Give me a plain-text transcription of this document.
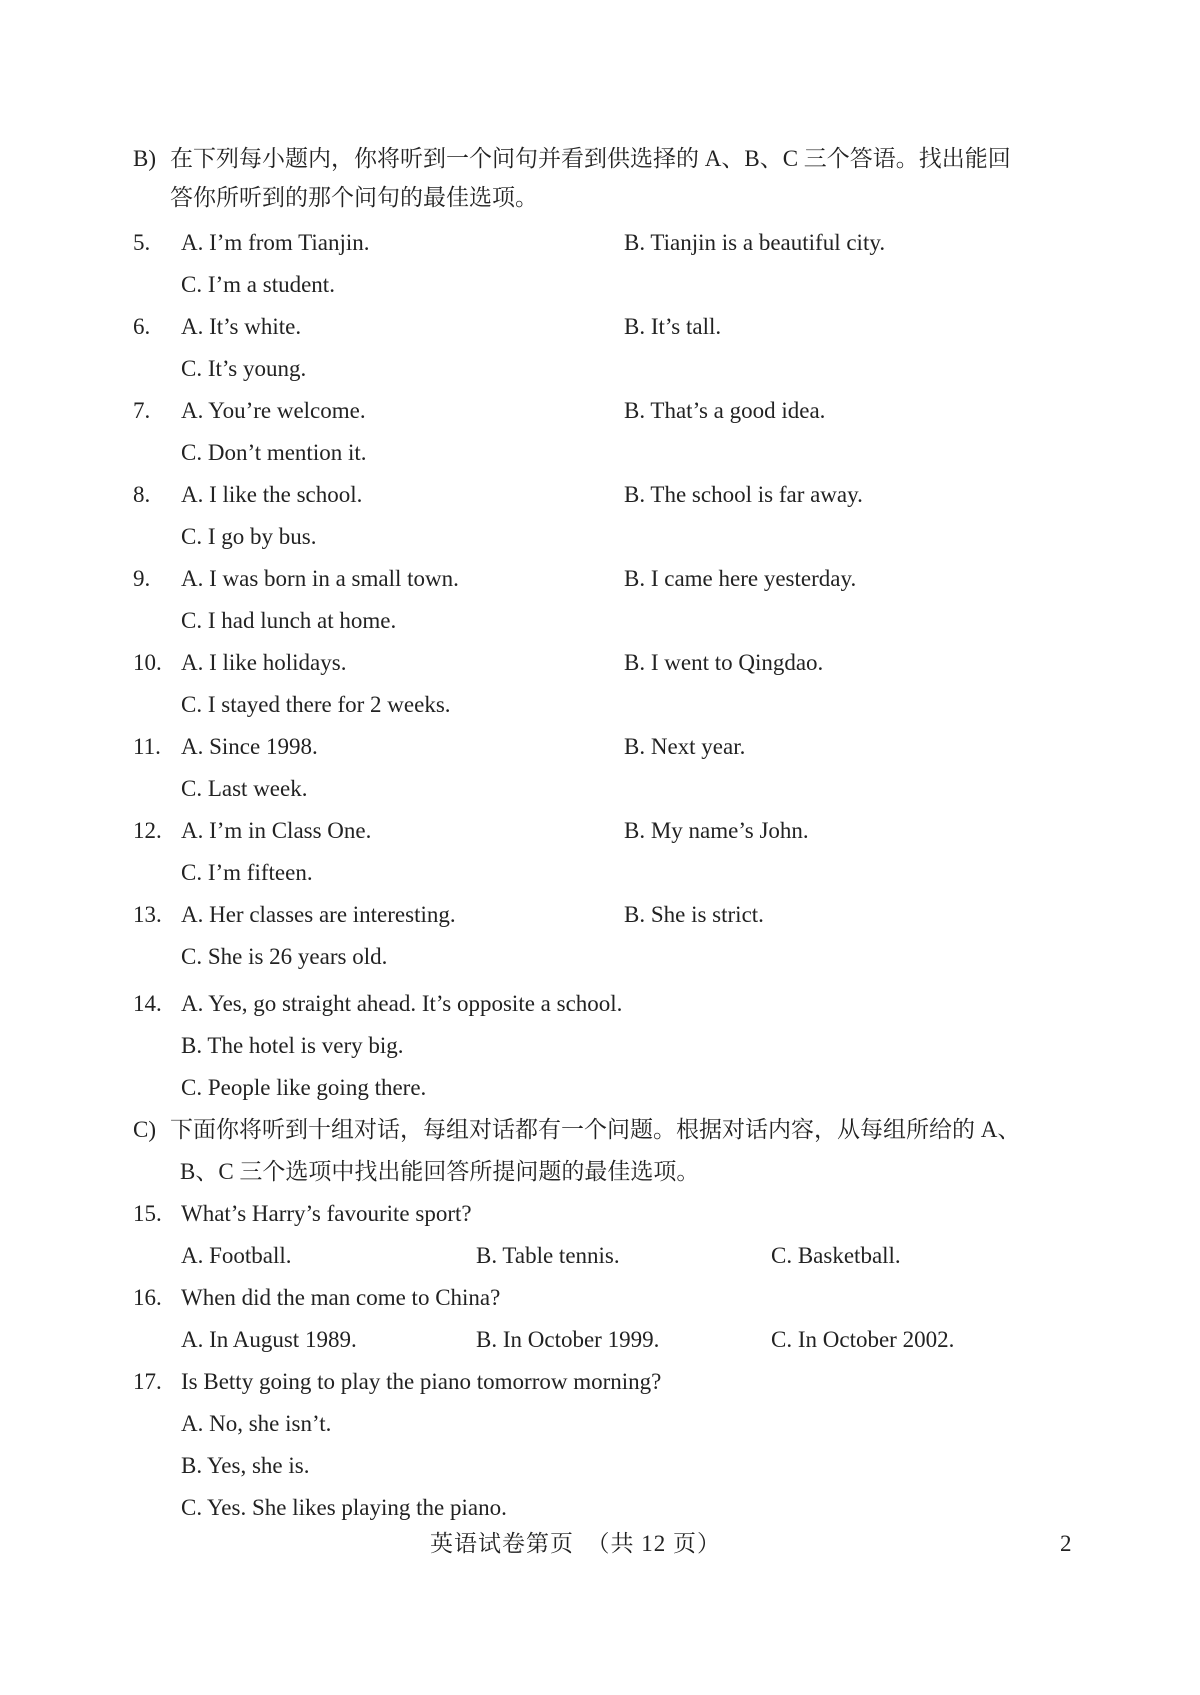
B) 在下列每小题内，你将听到一个问句并看到供选择的 A、B、C 三个答语。找出能回
答你所听到的那个问句的最佳选项。
5. A. I’m from Tianjin.	B. Tianjin is a beautiful city.
C. I’m a student.
6. A. It’s white.	B. It’s tall.
C. It’s young.
7. A. You’re welcome.	B. That’s a good idea.
C. Don’t mention it.
8. A. I like the school.	B. The school is far away.
C. I go by bus.
9. A. I was born in a small town.	B. I came here yesterday.
C. I had lunch at home.
10. A. I like holidays.	B. I went to Qingdao.
C. I stayed there for 2 weeks.
11. A. Since 1998.	B. Next year.
C. Last week.
12. A. I’m in Class One.	B. My name’s John.
C. I’m fifteen.
13. A. Her classes are interesting.	B. She is strict.
C. She is 26 years old.
14. A. Yes, go straight ahead. It’s opposite a school.
B. The hotel is very big.
C. People like going there.
C) 下面你将听到十组对话，每组对话都有一个问题。根据对话内容，从每组所给的 A、
B、C 三个选项中找出能回答所提问题的最佳选项。
15. What’s Harry’s favourite sport?
A. Football.	B. Table tennis.	C. Basketball.
16. When did the man come to China?
A. In August 1989.	B. In October 1999.	C. In October 2002.
17. Is Betty going to play the piano tomorrow morning?
A. No, she isn’t.
B. Yes, she is.
C. Yes. She likes playing the piano.
英语试卷第页　（共 12 页）	2
